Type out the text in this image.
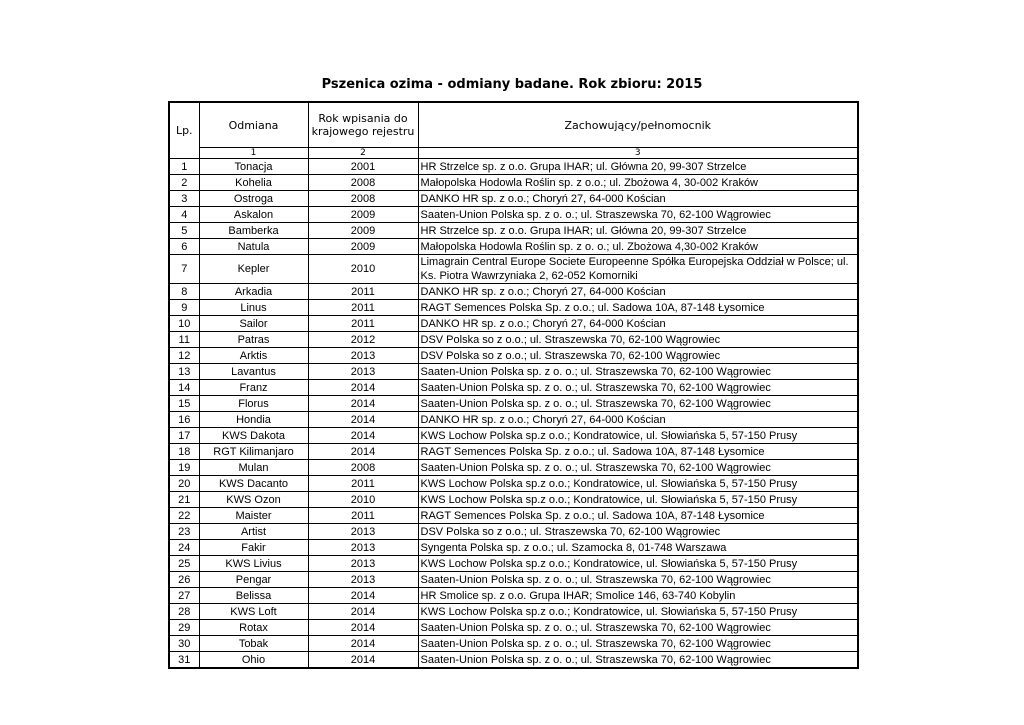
Pszenica ozima - odmiany badane. Rok zbioru: 2015
Lp.	Odmiana	Rok wpisania do krajowego rejestru	Zachowujący/pełnomocnik
	1	2	3
1	Tonacja	2001	HR Strzelce sp. z o.o. Grupa IHAR; ul. Główna 20, 99-307 Strzelce
2	Kohelia	2008	Małopolska Hodowla Roślin sp. z o.o.; ul. Zbożowa 4, 30-002 Kraków
3	Ostroga	2008	DANKO HR sp. z o.o.; Choryń 27, 64-000 Kościan
4	Askalon	2009	Saaten-Union Polska sp. z o. o.; ul. Straszewska 70, 62-100 Wągrowiec
5	Bamberka	2009	HR Strzelce sp. z o.o. Grupa IHAR; ul. Główna 20, 99-307 Strzelce
6	Natula	2009	Małopolska Hodowla Roślin sp. z o. o.; ul. Zbożowa 4,30-002 Kraków
7	Kepler	2010	Limagrain Central Europe Societe Europeenne Spółka Europejska Oddział w Polsce; ul. Ks. Piotra Wawrzyniaka 2, 62-052 Komorniki
8	Arkadia	2011	DANKO HR sp. z o.o.; Choryń 27, 64-000 Kościan
9	Linus	2011	RAGT Semences Polska Sp. z o.o.; ul. Sadowa 10A, 87-148 Łysomice
10	Sailor	2011	DANKO HR sp. z o.o.; Choryń 27, 64-000 Kościan
11	Patras	2012	DSV Polska so z o.o.; ul. Straszewska 70, 62-100 Wągrowiec
12	Arktis	2013	DSV Polska so z o.o.; ul. Straszewska 70, 62-100 Wągrowiec
13	Lavantus	2013	Saaten-Union Polska sp. z o. o.; ul. Straszewska 70, 62-100 Wągrowiec
14	Franz	2014	Saaten-Union Polska sp. z o. o.; ul. Straszewska 70, 62-100 Wągrowiec
15	Florus	2014	Saaten-Union Polska sp. z o. o.; ul. Straszewska 70, 62-100 Wągrowiec
16	Hondia	2014	DANKO HR sp. z o.o.; Choryń 27, 64-000 Kościan
17	KWS Dakota	2014	KWS Lochow Polska sp.z o.o.; Kondratowice, ul. Słowiańska 5, 57-150 Prusy
18	RGT Kilimanjaro	2014	RAGT Semences Polska Sp. z o.o.; ul. Sadowa 10A, 87-148 Łysomice
19	Mulan	2008	Saaten-Union Polska sp. z o. o.; ul. Straszewska 70, 62-100 Wągrowiec
20	KWS Dacanto	2011	KWS Lochow Polska sp.z o.o.; Kondratowice, ul. Słowiańska 5, 57-150 Prusy
21	KWS Ozon	2010	KWS Lochow Polska sp.z o.o.; Kondratowice, ul. Słowiańska 5, 57-150 Prusy
22	Maister	2011	RAGT Semences Polska Sp. z o.o.; ul. Sadowa 10A, 87-148 Łysomice
23	Artist	2013	DSV Polska so z o.o.; ul. Straszewska 70, 62-100 Wągrowiec
24	Fakir	2013	Syngenta Polska sp. z o.o.; ul. Szamocka 8, 01-748 Warszawa
25	KWS Livius	2013	KWS Lochow Polska sp.z o.o.; Kondratowice, ul. Słowiańska 5, 57-150 Prusy
26	Pengar	2013	Saaten-Union Polska sp. z o. o.; ul. Straszewska 70, 62-100 Wągrowiec
27	Belissa	2014	HR Smolice sp. z o.o. Grupa IHAR; Smolice 146, 63-740 Kobylin
28	KWS Loft	2014	KWS Lochow Polska sp.z o.o.; Kondratowice, ul. Słowiańska 5, 57-150 Prusy
29	Rotax	2014	Saaten-Union Polska sp. z o. o.; ul. Straszewska 70, 62-100 Wągrowiec
30	Tobak	2014	Saaten-Union Polska sp. z o. o.; ul. Straszewska 70, 62-100 Wągrowiec
31	Ohio	2014	Saaten-Union Polska sp. z o. o.; ul. Straszewska 70, 62-100 Wągrowiec
